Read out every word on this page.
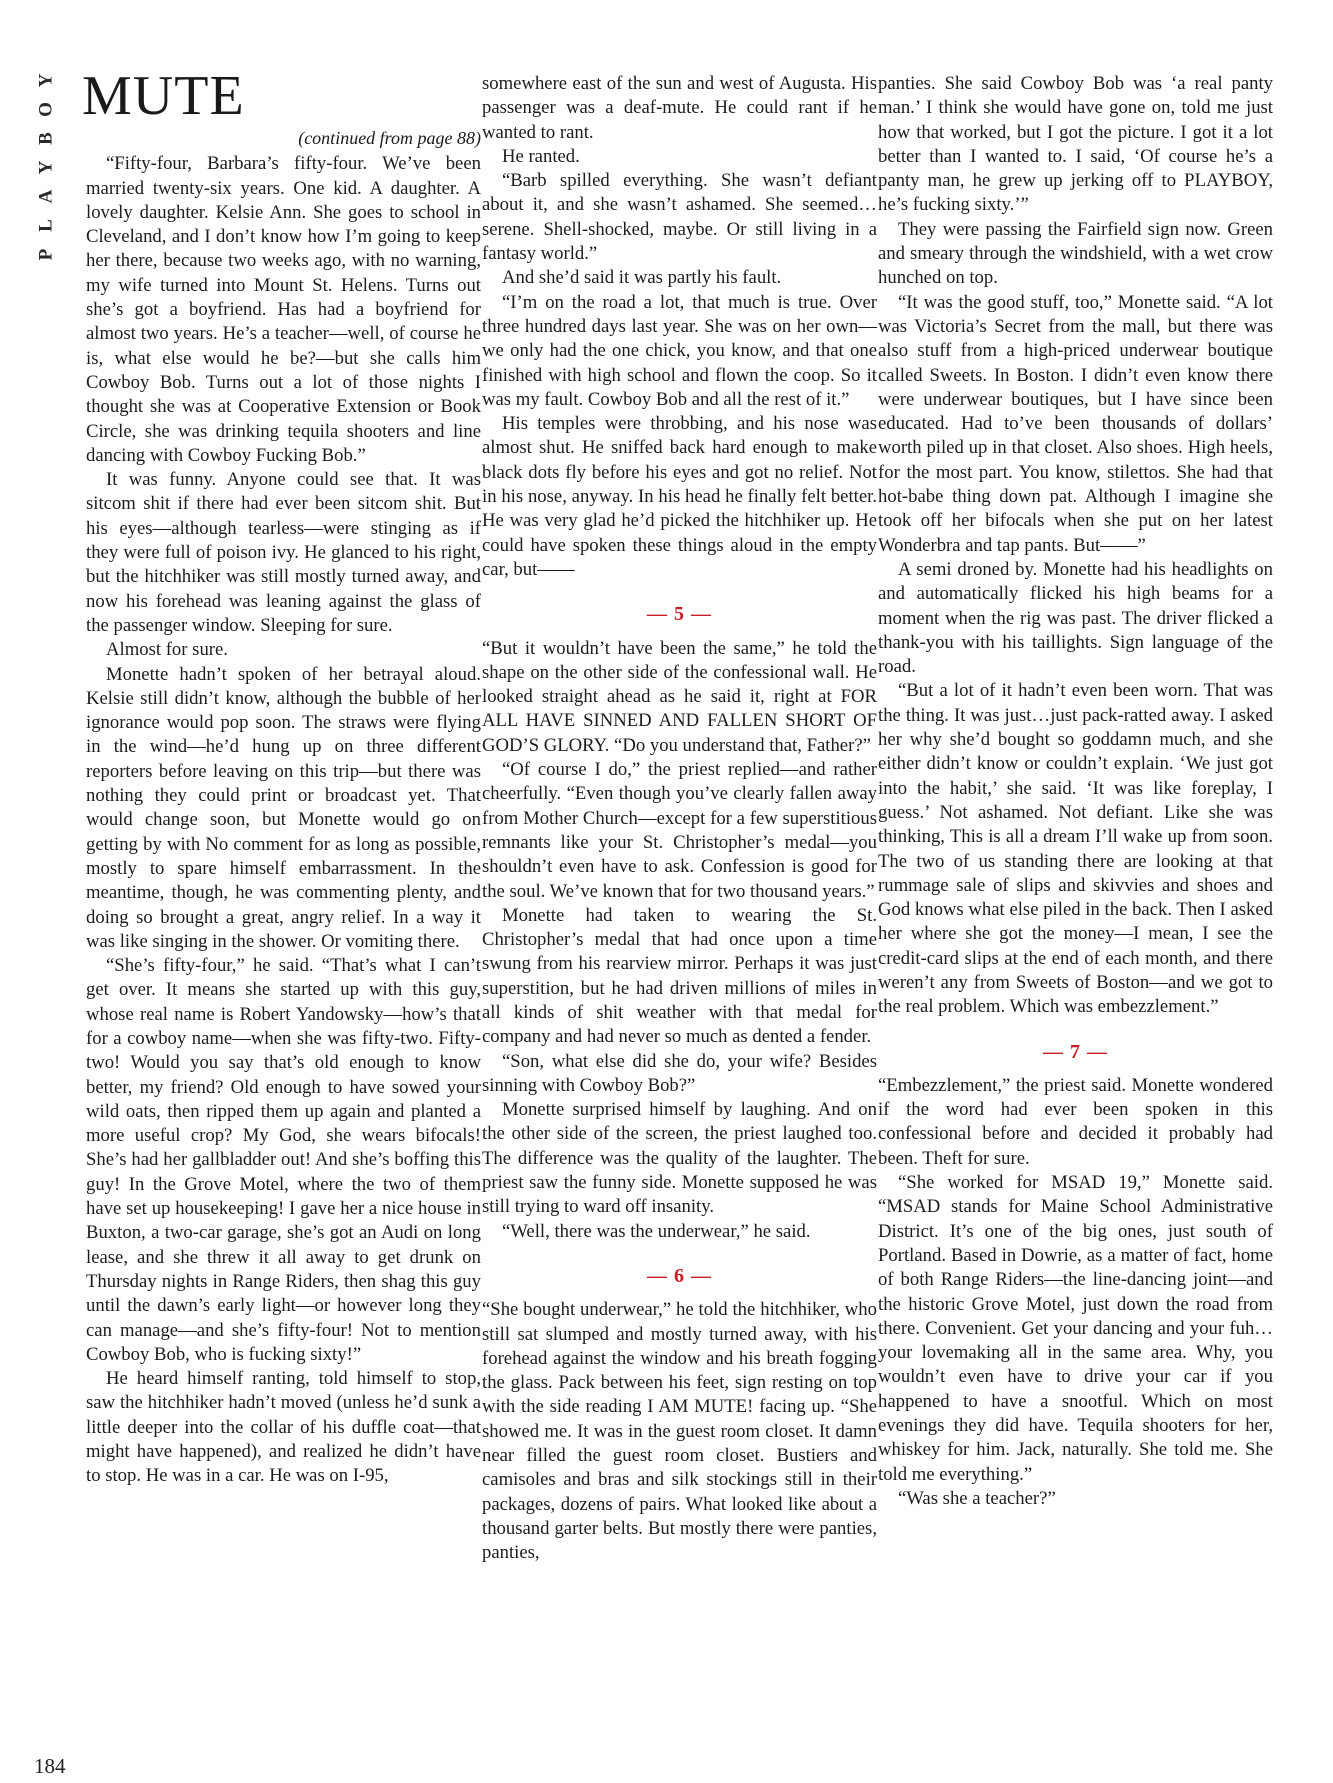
Y
O
B
Y
A
L
P
184
MUTE
(continued from page 88)

“Fifty-four, Barbara’s fifty-four. We’ve been married twenty-six years. One kid. A daughter. A lovely daughter. Kelsie Ann. She goes to school in Cleveland, and I don’t know how I’m going to keep her there, because two weeks ago, with no warning, my wife turned into Mount St. Helens. Turns out she’s got a boyfriend. Has had a boyfriend for almost two years. He’s a teacher—well, of course he is, what else would he be?—but she calls him Cowboy Bob. Turns out a lot of those nights I thought she was at Cooperative Extension or Book Circle, she was drinking tequila shooters and line dancing with Cowboy Fucking Bob.”

It was funny. Anyone could see that. It was sitcom shit if there had ever been sitcom shit. But his eyes—although tearless—were stinging as if they were full of poison ivy. He glanced to his right, but the hitchhiker was still mostly turned away, and now his forehead was leaning against the glass of the passenger window. Sleeping for sure.

Almost for sure.

Monette hadn’t spoken of her betrayal aloud. Kelsie still didn’t know, although the bubble of her ignorance would pop soon. The straws were flying in the wind—he’d hung up on three different reporters before leaving on this trip—but there was nothing they could print or broadcast yet. That would change soon, but Monette would go on getting by with No comment for as long as possible, mostly to spare himself embarrassment. In the meantime, though, he was commenting plenty, and doing so brought a great, angry relief. In a way it was like singing in the shower. Or vomiting there.

“She’s fifty-four,” he said. “That’s what I can’t get over. It means she started up with this guy, whose real name is Robert Yandowsky—how’s that for a cowboy name—when she was fifty-two. Fifty-two! Would you say that’s old enough to know better, my friend? Old enough to have sowed your wild oats, then ripped them up again and planted a more useful crop? My God, she wears bifocals! She’s had her gallbladder out! And she’s boffing this guy! In the Grove Motel, where the two of them have set up housekeeping! I gave her a nice house in Buxton, a two-car garage, she’s got an Audi on long lease, and she threw it all away to get drunk on Thursday nights in Range Riders, then shag this guy until the dawn’s early light—or however long they can manage—and she’s fifty-four! Not to mention Cowboy Bob, who is fucking sixty!”

He heard himself ranting, told himself to stop, saw the hitchhiker hadn’t moved (unless he’d sunk a little deeper into the collar of his duffle coat—that might have happened), and realized he didn’t have to stop. He was in a car. He was on I-95,

somewhere east of the sun and west of Augusta. His passenger was a deaf-mute. He could rant if he wanted to rant.

He ranted.

“Barb spilled everything. She wasn’t defiant about it, and she wasn’t ashamed. She seemed…serene. Shell-shocked, maybe. Or still living in a fantasy world.”

And she’d said it was partly his fault.

“I’m on the road a lot, that much is true. Over three hundred days last year. She was on her own—we only had the one chick, you know, and that one finished with high school and flown the coop. So it was my fault. Cowboy Bob and all the rest of it.”

His temples were throbbing, and his nose was almost shut. He sniffed back hard enough to make black dots fly before his eyes and got no relief. Not in his nose, anyway. In his head he finally felt better. He was very glad he’d picked the hitchhiker up. He could have spoken these things aloud in the empty car, but——

— 5 —

“But it wouldn’t have been the same,” he told the shape on the other side of the confessional wall. He looked straight ahead as he said it, right at FOR ALL HAVE SINNED AND FALLEN SHORT OF GOD’S GLORY. “Do you understand that, Father?”

“Of course I do,” the priest replied—and rather cheerfully. “Even though you’ve clearly fallen away from Mother Church—except for a few superstitious remnants like your St. Christopher’s medal—you shouldn’t even have to ask. Confession is good for the soul. We’ve known that for two thousand years.”

Monette had taken to wearing the St. Christopher’s medal that had once upon a time swung from his rearview mirror. Perhaps it was just superstition, but he had driven millions of miles in all kinds of shit weather with that medal for company and had never so much as dented a fender.

“Son, what else did she do, your wife? Besides sinning with Cowboy Bob?”

Monette surprised himself by laughing. And on the other side of the screen, the priest laughed too. The difference was the quality of the laughter. The priest saw the funny side. Monette supposed he was still trying to ward off insanity.

“Well, there was the underwear,” he said.

— 6 —

“She bought underwear,” he told the hitchhiker, who still sat slumped and mostly turned away, with his forehead against the window and his breath fogging the glass. Pack between his feet, sign resting on top with the side reading I AM MUTE! facing up. “She showed me. It was in the guest room closet. It damn near filled the guest room closet. Bustiers and camisoles and bras and silk stockings still in their packages, dozens of pairs. What looked like about a thousand garter belts. But mostly there were panties, panties,

panties. She said Cowboy Bob was ‘a real panty man.’ I think she would have gone on, told me just how that worked, but I got the picture. I got it a lot better than I wanted to. I said, ‘Of course he’s a panty man, he grew up jerking off to PLAYBOY, he’s fucking sixty.’”

They were passing the Fairfield sign now. Green and smeary through the windshield, with a wet crow hunched on top.

“It was the good stuff, too,” Monette said. “A lot was Victoria’s Secret from the mall, but there was also stuff from a high-priced underwear boutique called Sweets. In Boston. I didn’t even know there were underwear boutiques, but I have since been educated. Had to’ve been thousands of dollars’ worth piled up in that closet. Also shoes. High heels, for the most part. You know, stilettos. She had that hot-babe thing down pat. Although I imagine she took off her bifocals when she put on her latest Wonderbra and tap pants. But——”

A semi droned by. Monette had his headlights on and automatically flicked his high beams for a moment when the rig was past. The driver flicked a thank-you with his taillights. Sign language of the road.

“But a lot of it hadn’t even been worn. That was the thing. It was just…just pack-ratted away. I asked her why she’d bought so goddamn much, and she either didn’t know or couldn’t explain. ‘We just got into the habit,’ she said. ‘It was like foreplay, I guess.’ Not ashamed. Not defiant. Like she was thinking, This is all a dream I’ll wake up from soon. The two of us standing there are looking at that rummage sale of slips and skivvies and shoes and God knows what else piled in the back. Then I asked her where she got the money—I mean, I see the credit-card slips at the end of each month, and there weren’t any from Sweets of Boston—and we got to the real problem. Which was embezzlement.”

— 7 —

“Embezzlement,” the priest said. Monette wondered if the word had ever been spoken in this confessional before and decided it probably had been. Theft for sure.

“She worked for MSAD 19,” Monette said. “MSAD stands for Maine School Administrative District. It’s one of the big ones, just south of Portland. Based in Dowrie, as a matter of fact, home of both Range Riders—the line-dancing joint—and the historic Grove Motel, just down the road from there. Convenient. Get your dancing and your fuh…your lovemaking all in the same area. Why, you wouldn’t even have to drive your car if you happened to have a snootful. Which on most evenings they did have. Tequila shooters for her, whiskey for him. Jack, naturally. She told me. She told me everything.”

“Was she a teacher?”
